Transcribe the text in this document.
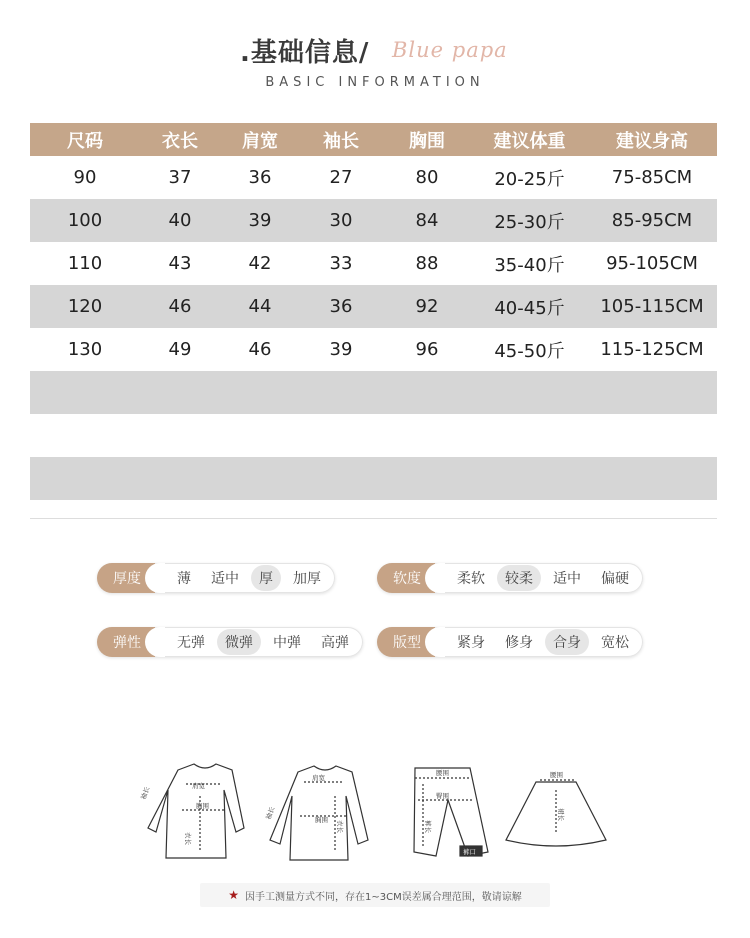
.基础信息/ Blue papa
BASIC INFORMATION
尺码	衣长	肩宽	袖长	胸围	建议体重	建议身高
90	37	36	27	80	20-25斤	75-85CM
100	40	39	30	84	25-30斤	85-95CM
110	43	42	33	88	35-40斤	95-105CM
120	46	44	36	92	40-45斤	105-115CM
130	49	46	39	96	45-50斤	115-125CM
厚度	薄	适中	厚	加厚	软度	柔软	较柔	适中	偏硬
弹性	无弹	微弹	中弹	高弹	版型	紧身	修身	合身	宽松
肩宽
胸围
袖长
衣长
肩宽
胸围
袖长
衣长
腰围
臀围
裤长
裤口
腰围
裙长
★ 因手工测量方式不同，存在1~3CM误差属合理范围，敬请谅解
